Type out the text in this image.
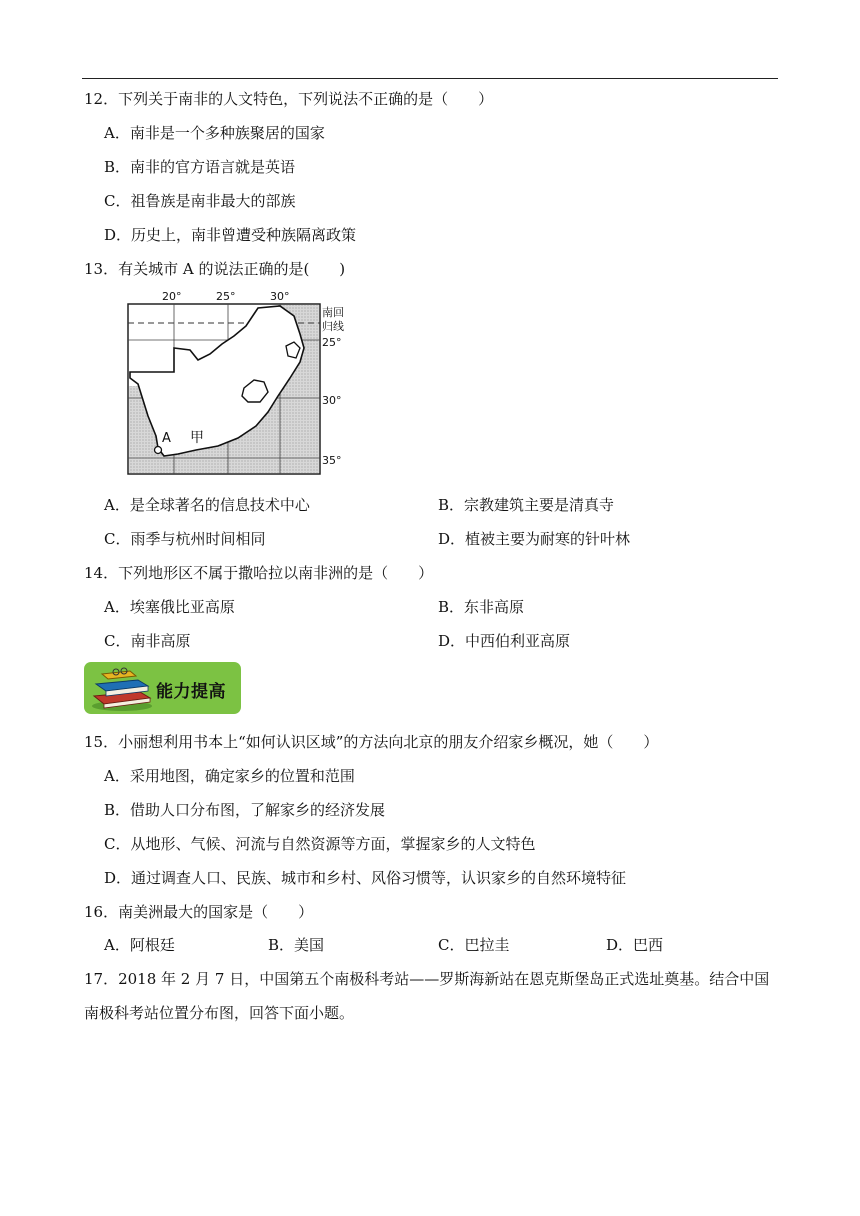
12．下列关于南非的人文特色，下列说法不正确的是（　　）
A．南非是一个多种族聚居的国家
B．南非的官方语言就是英语
C．祖鲁族是南非最大的部族
D．历史上，南非曾遭受种族隔离政策
13．有关城市 A 的说法正确的是(　　)
20°	25°	30°
南回
归线
25°
30°
35°
A 甲
A．是全球著名的信息技术中心	B．宗教建筑主要是清真寺
C．雨季与杭州时间相同	D．植被主要为耐寒的针叶林
14．下列地形区不属于撒哈拉以南非洲的是（　　）
A．埃塞俄比亚高原	B．东非高原
C．南非高原	D．中西伯利亚高原
能力提高
15．小丽想利用书本上“如何认识区域”的方法向北京的朋友介绍家乡概况，她（　　）
A．采用地图，确定家乡的位置和范围
B．借助人口分布图，了解家乡的经济发展
C．从地形、气候、河流与自然资源等方面，掌握家乡的人文特色
D．通过调查人口、民族、城市和乡村、风俗习惯等，认识家乡的自然环境特征
16．南美洲最大的国家是（　　）
A．阿根廷	B．美国	C．巴拉圭	D．巴西
17．2018 年 2 月 7 日，中国第五个南极科考站——罗斯海新站在恩克斯堡岛正式选址奠基。结合中国
南极科考站位置分布图，回答下面小题。
